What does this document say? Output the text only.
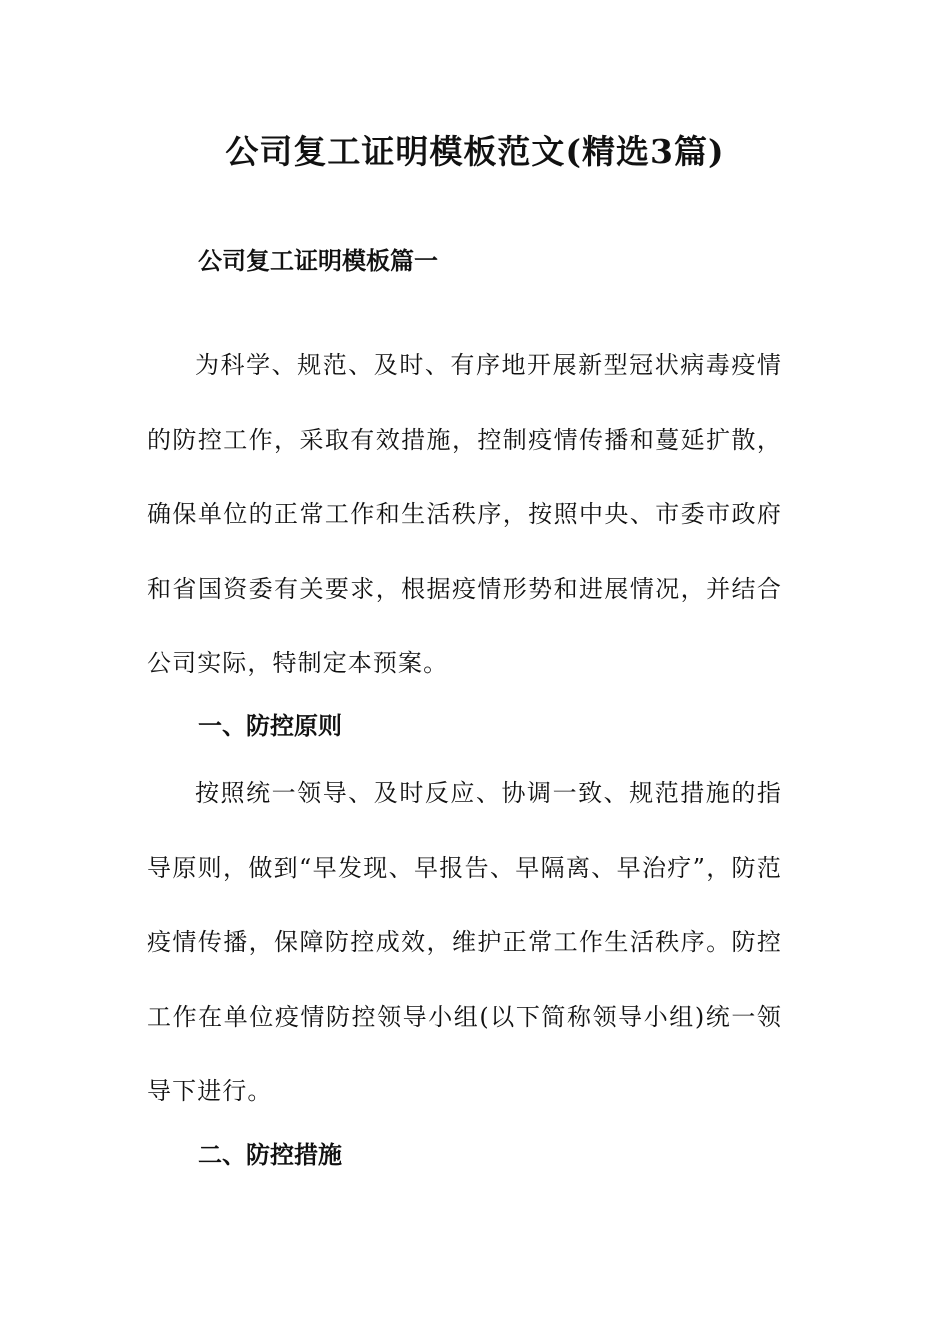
公司复工证明模板范文(精选3篇)
公司复工证明模板篇一

为科学、规范、及时、有序地开展新型冠状病毒疫情的防控工作，采取有效措施，控制疫情传播和蔓延扩散，确保单位的正常工作和生活秩序，按照中央、市委市政府和省国资委有关要求，根据疫情形势和进展情况，并结合公司实际，特制定本预案。

一、防控原则

按照统一领导、及时反应、协调一致、规范措施的指导原则，做到“早发现、早报告、早隔离、早治疗”，防范疫情传播，保障防控成效，维护正常工作生活秩序。防控工作在单位疫情防控领导小组(以下简称领导小组)统一领导下进行。

二、防控措施
